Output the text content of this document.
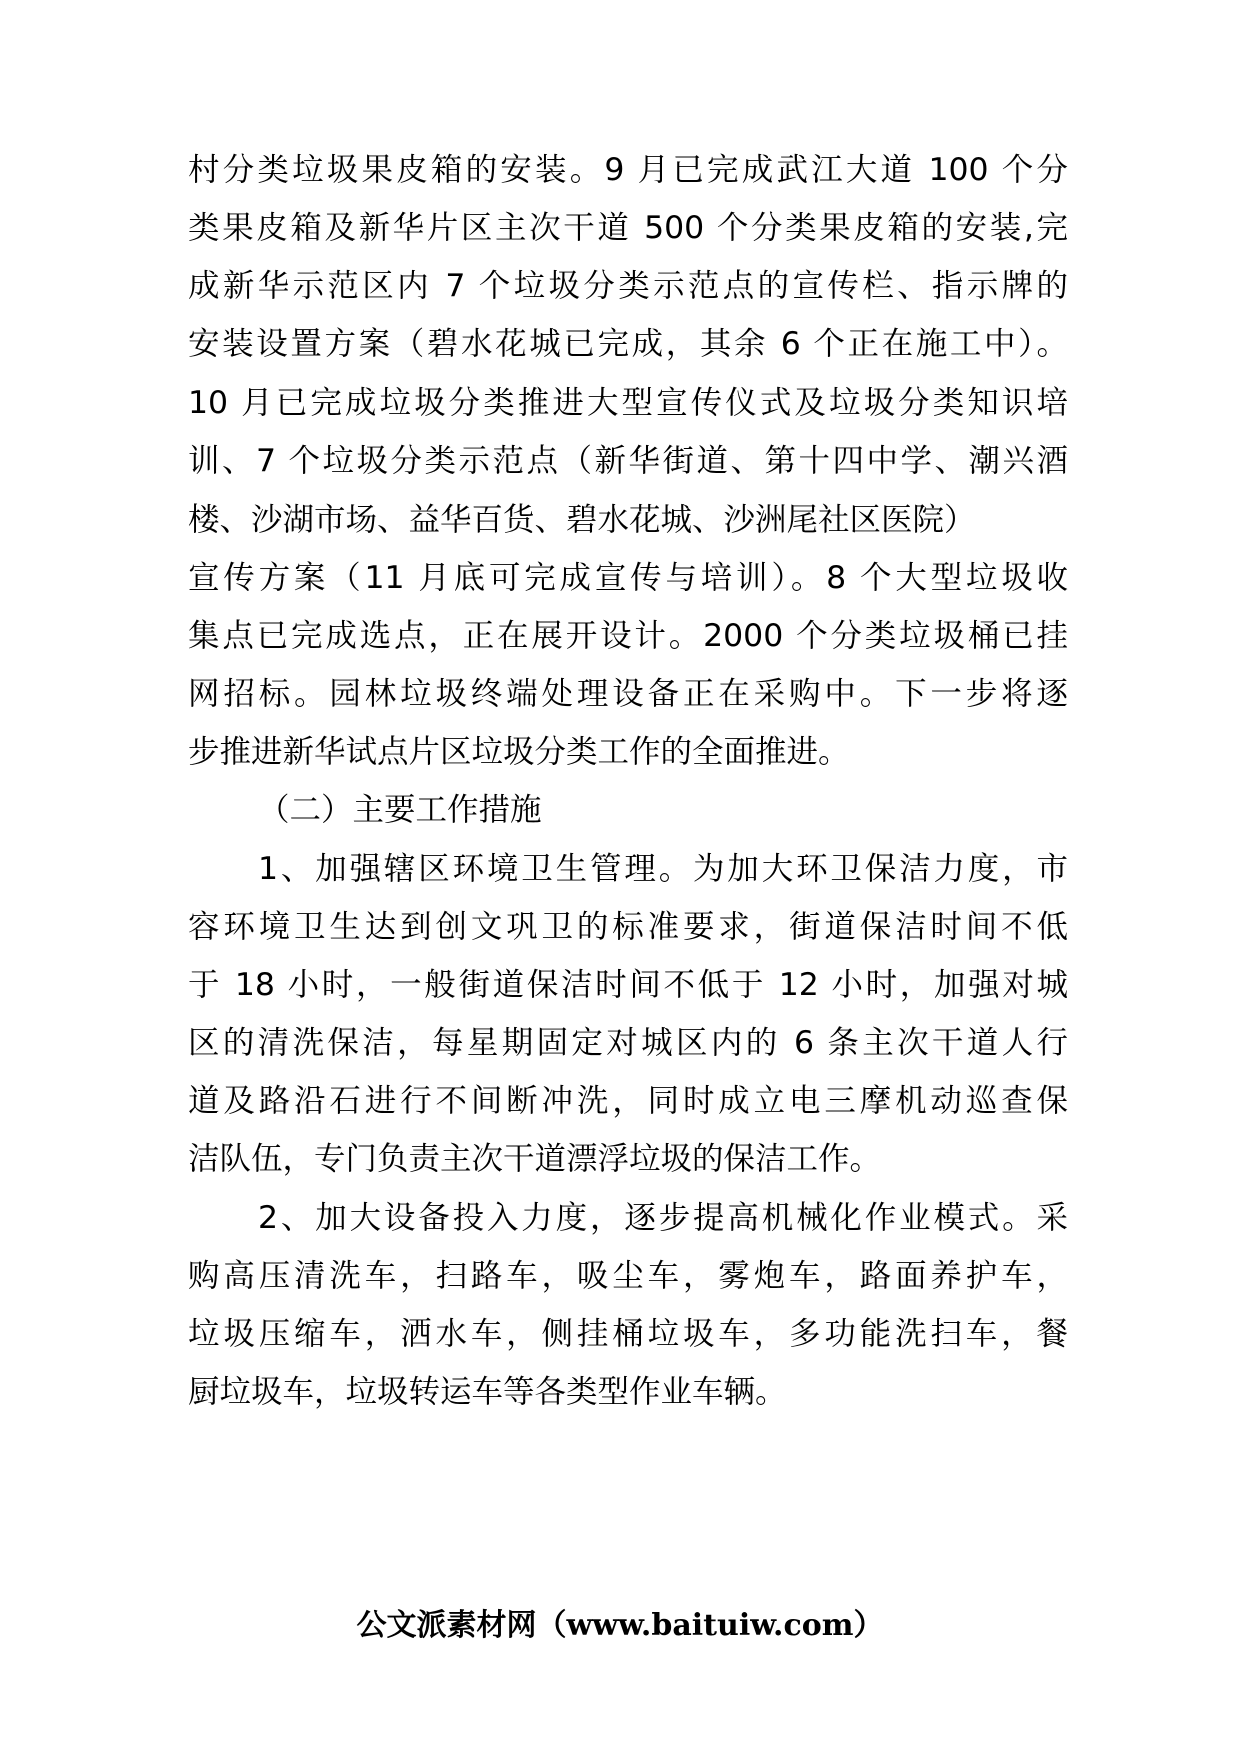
村分类垃圾果皮箱的安装。9 月已完成武江大道 100 个分
类果皮箱及新华片区主次干道 500 个分类果皮箱的安装,完
成新华示范区内 7 个垃圾分类示范点的宣传栏、指示牌的
安装设置方案（碧水花城已完成，其余 6 个正在施工中）。
10 月已完成垃圾分类推进大型宣传仪式及垃圾分类知识培
训、7 个垃圾分类示范点（新华街道、第十四中学、潮兴酒
楼、沙湖市场、益华百货、碧水花城、沙洲尾社区医院）
宣传方案（11 月底可完成宣传与培训）。8 个大型垃圾收
集点已完成选点，正在展开设计。2000 个分类垃圾桶已挂
网招标。园林垃圾终端处理设备正在采购中。下一步将逐
步推进新华试点片区垃圾分类工作的全面推进。
（二）主要工作措施
1、加强辖区环境卫生管理。为加大环卫保洁力度，市
容环境卫生达到创文巩卫的标准要求，街道保洁时间不低
于 18 小时，一般街道保洁时间不低于 12 小时，加强对城
区的清洗保洁，每星期固定对城区内的 6 条主次干道人行
道及路沿石进行不间断冲洗，同时成立电三摩机动巡查保
洁队伍，专门负责主次干道漂浮垃圾的保洁工作。
2、加大设备投入力度，逐步提高机械化作业模式。采
购高压清洗车，扫路车，吸尘车，雾炮车，路面养护车，
垃圾压缩车，洒水车，侧挂桶垃圾车，多功能洗扫车，餐
厨垃圾车，垃圾转运车等各类型作业车辆。
公文派素材网（www.baituiw.com）
